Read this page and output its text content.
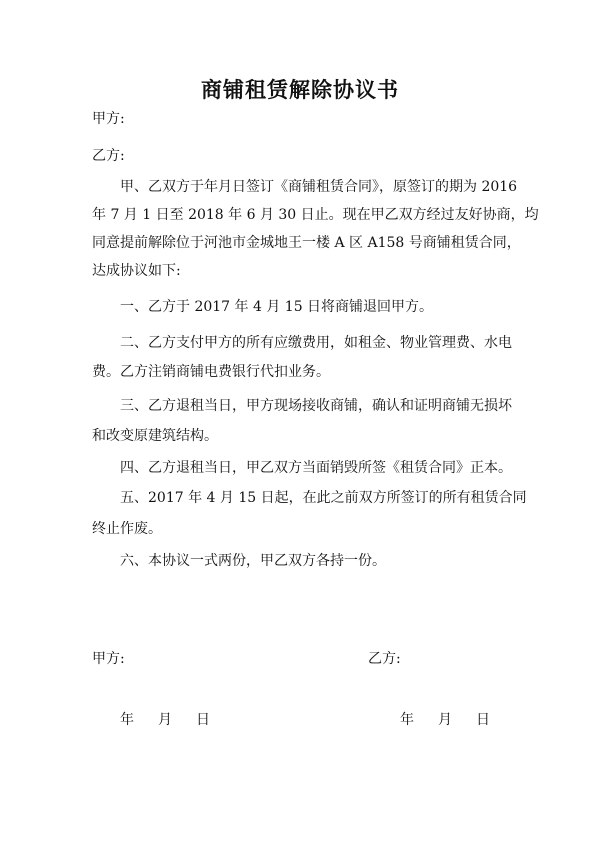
商铺租赁解除协议书
甲方:
乙方:
甲、乙双方于年月日签订《商铺租赁合同》，原签订的期为 2016
年 7 月 1 日至 2018 年 6 月 30 日止。现在甲乙双方经过友好协商，均
同意提前解除位于河池市金城地王一楼 A 区 A158 号商铺租赁合同，
达成协议如下:
一、乙方于 2017 年 4 月 15 日将商铺退回甲方。
二、乙方支付甲方的所有应缴费用，如租金、物业管理费、水电
费。乙方注销商铺电费银行代扣业务。
三、乙方退租当日，甲方现场接收商铺，确认和证明商铺无损坏
和改变原建筑结构。
四、乙方退租当日，甲乙双方当面销毁所签《租赁合同》正本。
五、2017 年 4 月 15 日起，在此之前双方所签订的所有租赁合同
终止作废。
六、本协议一式两份，甲乙双方各持一份。
甲方:	乙方:
年 月 日	年 月 日
